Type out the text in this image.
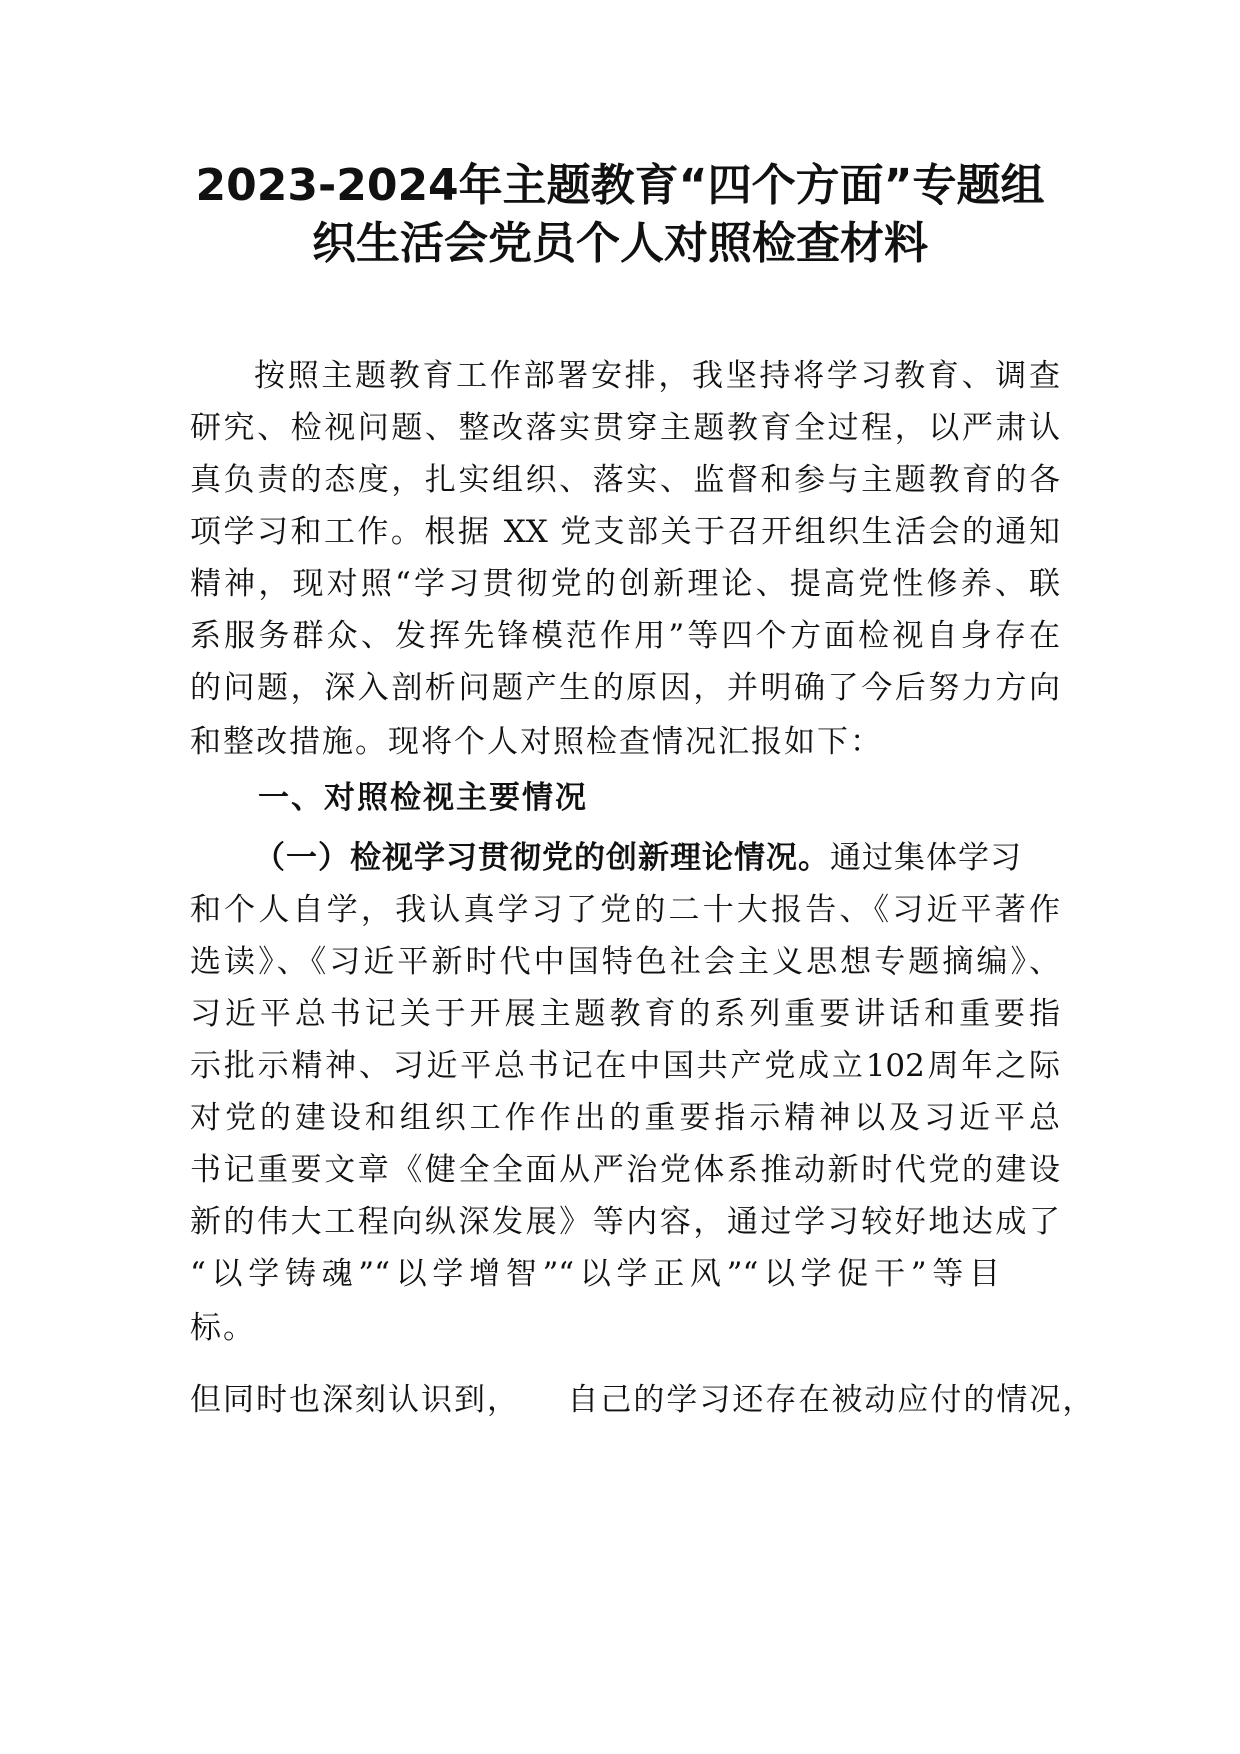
2023-2024年主题教育“四个方面”专题组
织生活会党员个人对照检查材料

按照主题教育工作部署安排，我坚持将学习教育、调查

研究、检视问题、整改落实贯穿主题教育全过程，以严肃认

真负责的态度，扎实组织、落实、监督和参与主题教育的各

项学习和工作。根据 XX 党支部关于召开组织生活会的通知

精神，现对照“学习贯彻党的创新理论、提高党性修养、联

系服务群众、发挥先锋模范作用”等四个方面检视自身存在

的问题，深入剖析问题产生的原因，并明确了今后努力方向

和整改措施。现将个人对照检查情况汇报如下：

一、对照检视主要情况

（一）检视学习贯彻党的创新理论情况。通过集体学习

和个人自学，我认真学习了党的二十大报告、《习近平著作

选读》、《习近平新时代中国特色社会主义思想专题摘编》、

习近平总书记关于开展主题教育的系列重要讲话和重要指

示批示精神、习近平总书记在中国共产党成立102周年之际

对党的建设和组织工作作出的重要指示精神以及习近平总

书记重要文章《健全全面从严治党体系推动新时代党的建设

新的伟大工程向纵深发展》等内容，通过学习较好地达成了

“以学铸魂”“以学增智”“以学正风”“以学促干”等目

标。

但同时也深刻认识到，    自己的学习还存在被动应付的情况，
